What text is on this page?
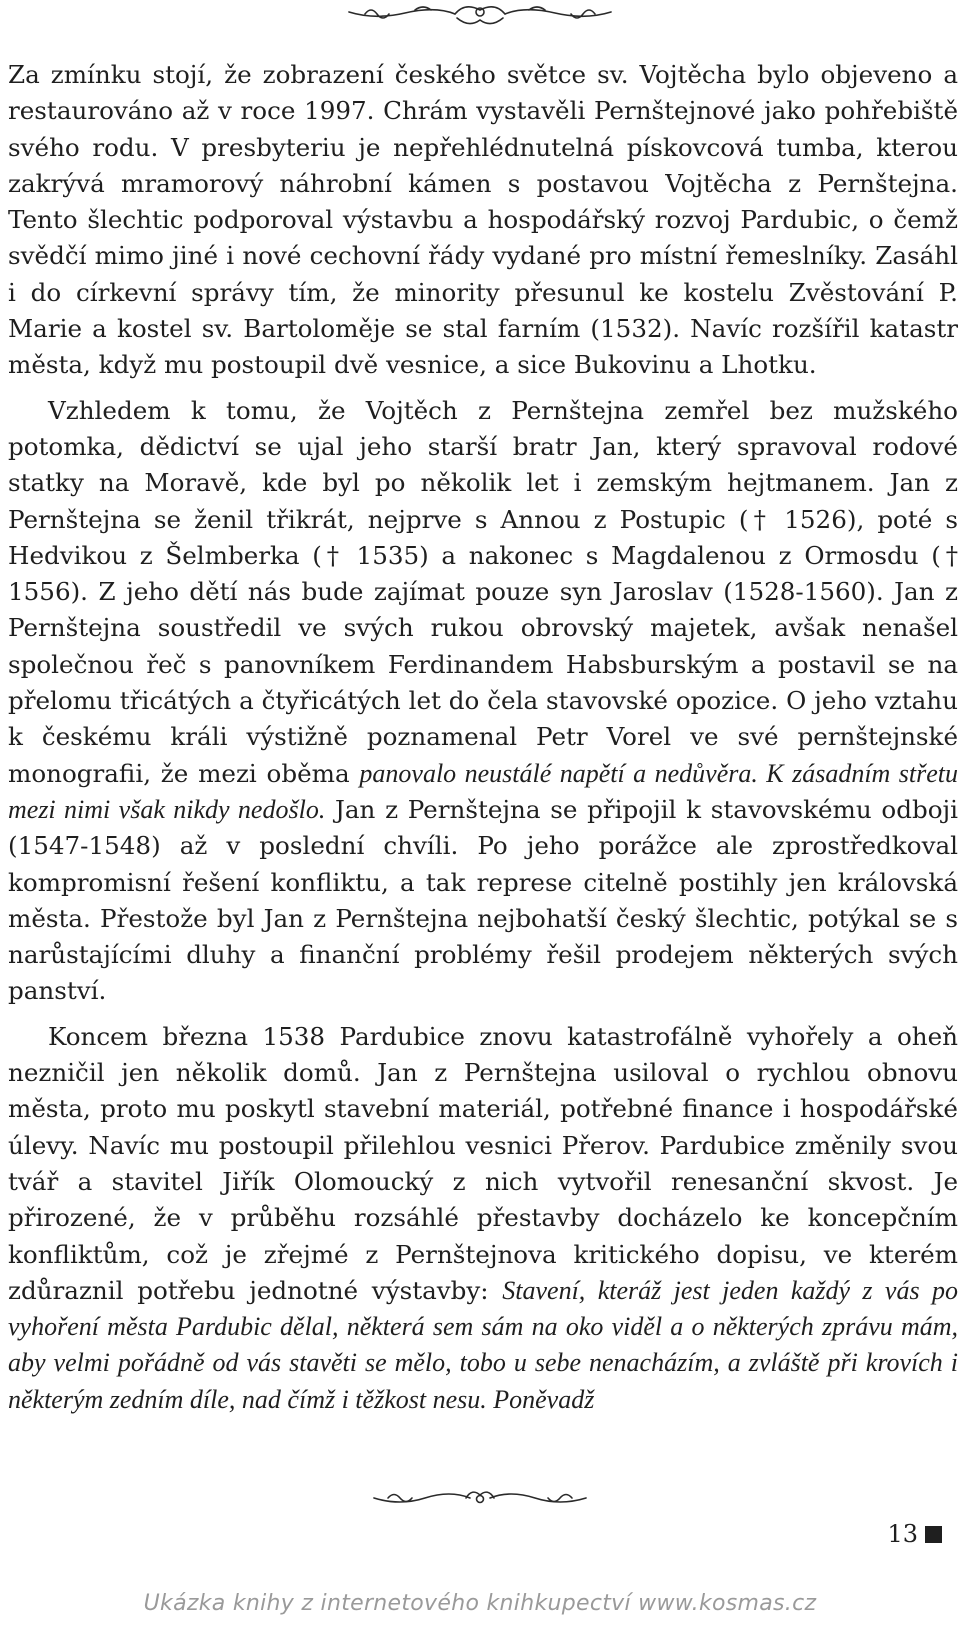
Za zmínku stojí, že zobrazení českého světce sv. Vojtěcha bylo objeveno a restaurováno až v roce 1997. Chrám vystavěli Pernštejnové jako pohřebiště svého rodu. V presbyteriu je nepřehlédnutelná pískovcová tumba, kterou zakrývá mramorový náhrobní kámen s postavou Vojtěcha z Pernštejna. Tento šlechtic podporoval výstavbu a hospodářský rozvoj Pardubic, o čemž svědčí mimo jiné i nové cechovní řády vydané pro místní řemeslníky. Zasáhl i do církevní správy tím, že minority přesunul ke kostelu Zvěstování P. Marie a kostel sv. Bartoloměje se stal farním (1532). Navíc rozšířil katastr města, když mu postoupil dvě vesnice, a sice Bukovinu a Lhotku.

Vzhledem k tomu, že Vojtěch z Pernštejna zemřel bez mužského potomka, dědictví se ujal jeho starší bratr Jan, který spravoval rodové statky na Moravě, kde byl po několik let i zemským hejtmanem. Jan z Pernštejna se ženil třikrát, nejprve s Annou z Postupic († 1526), poté s Hedvikou z Šelmberka († 1535) a nakonec s Magdalenou z Ormosdu († 1556). Z jeho dětí nás bude zajímat pouze syn Jaroslav (1528-1560). Jan z Pernštejna soustředil ve svých rukou obrovský majetek, avšak nenašel společnou řeč s panovníkem Ferdinandem Habsburským a postavil se na přelomu třicátých a čtyřicátých let do čela stavovské opozice. O jeho vztahu k českému králi výstižně poznamenal Petr Vorel ve své pernštejnské monografii, že mezi oběma panovalo neustálé napětí a nedůvěra. K zásadním střetu mezi nimi však nikdy nedošlo. Jan z Pernštejna se připojil k stavovskému odboji (1547-1548) až v poslední chvíli. Po jeho porážce ale zprostředkoval kompromisní řešení konfliktu, a tak represe citelně postihly jen královská města. Přestože byl Jan z Pernštejna nejbohatší český šlechtic, potýkal se s narůstajícími dluhy a finanční problémy řešil prodejem některých svých panství.

Koncem března 1538 Pardubice znovu katastrofálně vyhořely a oheň nezničil jen několik domů. Jan z Pernštejna usiloval o rychlou obnovu města, proto mu poskytl stavební materiál, potřebné finance i hospodářské úlevy. Navíc mu postoupil přilehlou vesnici Přerov. Pardubice změnily svou tvář a stavitel Jiřík Olomoucký z nich vytvořil renesanční skvost. Je přirozené, že v průběhu rozsáhlé přestavby docházelo ke koncepčním konfliktům, což je zřejmé z Pernštejnova kritického dopisu, ve kterém zdůraznil potřebu jednotné výstavby: Stavení, kteráž jest jeden každý z vás po vyhoření města Pardubic dělal, některá sem sám na oko viděl a o některých zprávu mám, aby velmi pořádně od vás stavěti se mělo, tobo u sebe nenacházím, a zvláště při krovích i některým zedním díle, nad čímž i těžkost nesu. Poněvadž

13
Ukázka knihy z internetového knihkupectví www.kosmas.cz
